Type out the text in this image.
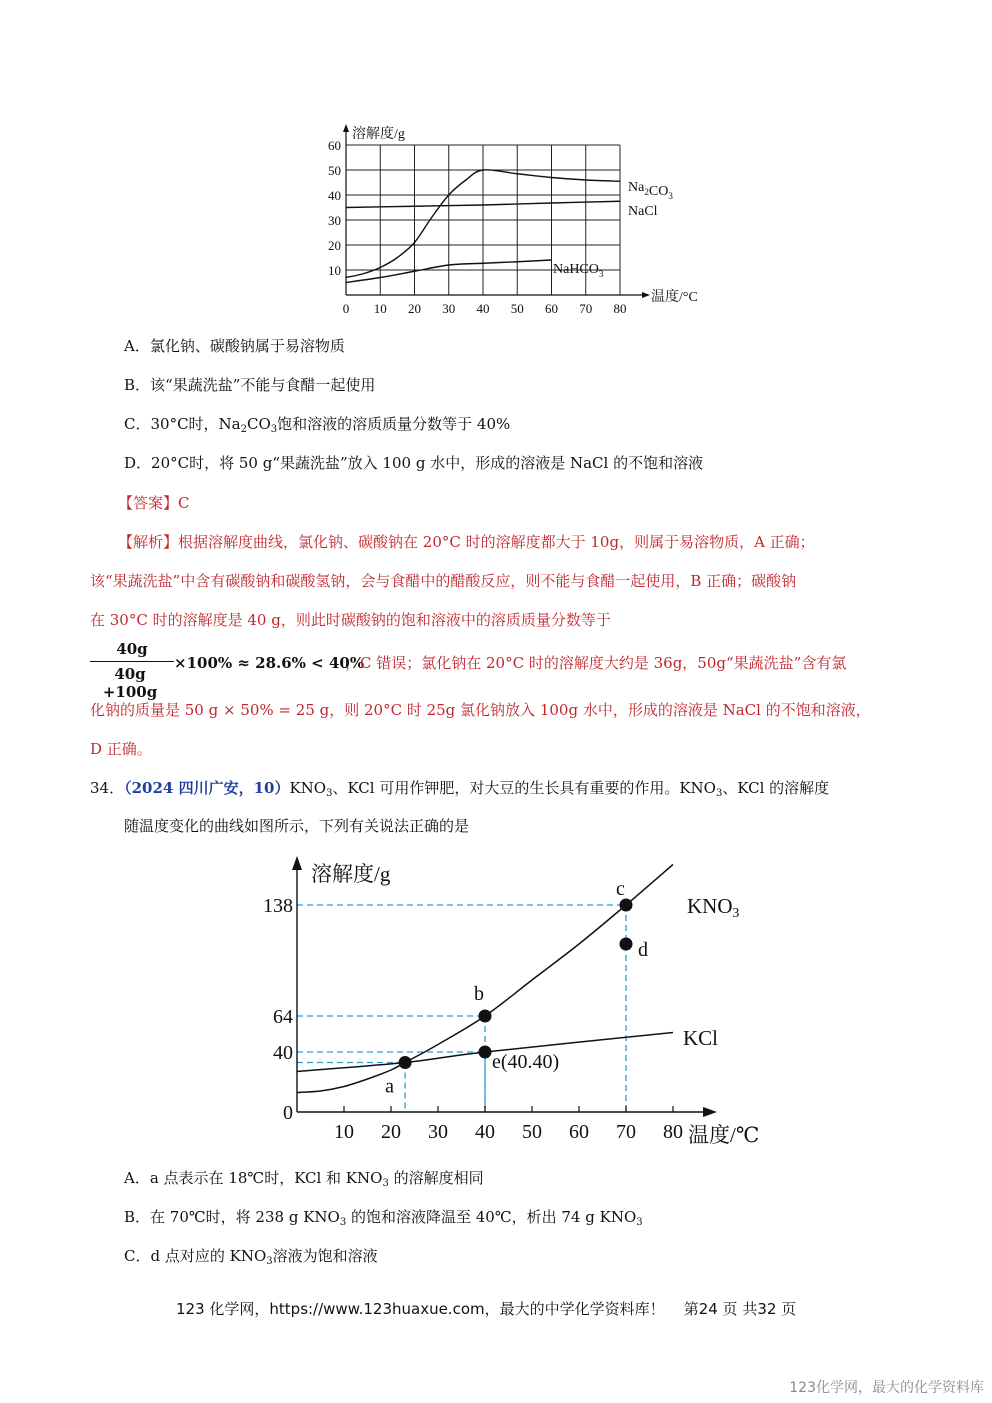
溶解度/g
温度/°C
0 10 20 30 40 50 60 70 80
10
20
30
40
50
60
$Na_2CO_3$
NaCl
NaHCO$_3$
A．氯化钠、碳酸钠属于易溶物质
B．该“果蔬洗盐”不能与食醋一起使用
C．30°C时，$Na_2CO_3$饱和溶液的溶质质量分数等于 40%
D．20°C时，将 50 g“果蔬洗盐”放入 100 g 水中，形成的溶液是 NaCl 的不饱和溶液
【答案】C
【解析】根据溶解度曲线，氯化钠、碳酸钠在 20°C 时的溶解度都大于 10g，则属于易溶物质，A 正确；
该“果蔬洗盐”中含有碳酸钠和碳酸氢钠，会与食醋中的醋酸反应，则不能与食醋一起使用，B 正确；碳酸钠
在 30°C 时的溶解度是 40 g，则此时碳酸钠的饱和溶液中的溶质质量分数等于
$\frac{40g}{40g +100g} \times 100\% \approx 28.6\% < 40\%$
，C 错误；氯化钠在 20°C 时的溶解度大约是 36g，50g“果蔬洗盐”含有氯
化钠的质量是 50 g × 50% = 25 g，则 20°C 时 25g 氯化钠放入 100g 水中，形成的溶液是 NaCl 的不饱和溶液，
D 正确。
34．（2024 四川广安，$10)KNO_3$、KCl 可用作钾肥，对大豆的生长具有重要的作用。$KNO_3$、KCl 的溶解度
随温度变化的曲线如图所示，下列有关说法正确的是
10 20 30 40 50 60 70 80
0
40
64
138
溶解度/g
温度/℃
KNO3
KCl
a
b
c
d
e(40.40)
A．a 点表示在 18℃时，KCl 和 $KNO_3$ 的溶解度相同
B．在 70℃时，将 238 g $KNO_3$ 的饱和溶液降温至 40℃，析出 74 g $KNO_3$
C．d 点对应的 $KNO_3$溶液为饱和溶液
123 化学网，https://www.123huaxue.com，最大的中学化学资料库！ 第24 页 共32 页
123化学网，最大的化学资料库
